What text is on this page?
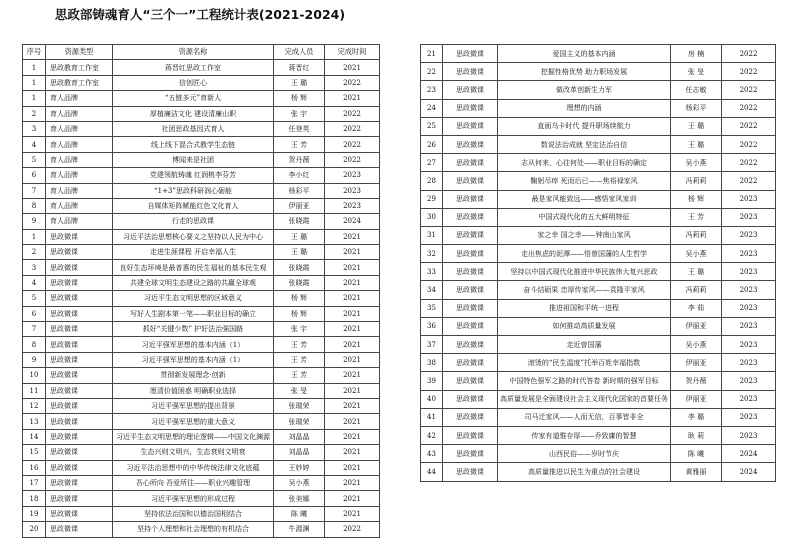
思政部铸魂育人“三个一”工程统计表(2021-2024)
序号	资源类型	资源名称	完成人员	完成时间
1	思政教育工作室	蒋晋红思政工作室	蒋晋红	2021
1	思政教育工作室	信创匠心	王 璐	2022
1	育人品牌	“五链多元”育新人	杨 辉	2021
2	育人品牌	厚植廉洁文化 建设清廉山职	张 宇	2022
3	育人品牌	社团思政基因式育人	任登英	2022
4	育人品牌	线上线下混合式教学生态链	王 芳	2022
5	育人品牌	博闻来是社团	贺丹薇	2022
6	育人品牌	党建领航铸魂 红润桃李芬芳	李小红	2023
7	育人品牌	“1+3”思政科研润心砺能	杨彩平	2023
8	育人品牌	自媒体矩阵赋能红色文化育人	伊丽亚	2023
9	育人品牌	行走的思政课	张晓霞	2024
1	思政微课	习近平法治思想核心要义之坚持以人民为中心	王 璐	2021
2	思政微课	走进生涯课程 开启幸福人生	王 璐	2021
3	思政微课	良好生态环境是最普惠的民生福祉的基本民生观	张晓霞	2021
4	思政微课	共建全球文明生态建设之路的共赢全球观	张晓霞	2021
5	思政微课	习近平生态文明思想的区域意义	杨 辉	2021
6	思政微课	写好人生剧本第一笔——职业目标的确立	杨 辉	2021
7	思政微课	抓好“关键少数” 护好法治强国路	张 宇	2021
8	思政微课	习近平强军思想的基本内涵（1）	王 芳	2021
9	思政微课	习近平强军思想的基本内涵（1）	王 芳	2021
10	思政微课	贯彻新发展理念·创新	王 芳	2021
11	思政微课	厘清价值困惑 明确职业选择	张 旻	2021
12	思政微课	习近平强军思想的提出背景	张瑞荣	2021
13	思政微课	习近平强军思想的重大意义	张瑞荣	2021
14	思政微课	习近平生态文明思想的理论逻辑——中国文化渊源	刘晶晶	2021
15	思政微课	生态兴则文明兴，生态衰则文明衰	刘晶晶	2021
16	思政微课	习近平法治思想中的中华传统法律文化底蕴	王妙婷	2021
17	思政微课	吾心所向 吾爱所往——职业兴趣管理	吴小燕	2021
18	思政微课	习近平强军思想的形成过程	张美娜	2021
19	思政微课	坚持依法治国和以德治国相结合	陈 曦	2021
20	思政微课	坚持个人理想和社会理想的有机结合	牛源渊	2022
21	思政微课	爱国主义的基本内涵	房 楠	2022
22	思政微课	挖掘性格优势 助力职场发展	张 旻	2022
23	思政微课	做改革创新生力军	任志敏	2022
24	思政微课	理想的内涵	杨彩平	2022
25	思政微课	直面乌卡时代 提升职场续航力	王 璐	2022
26	思政微课	数说法治成就 坚定法治自信	王 璐	2022
27	思政微课	志从何来，心往何处——职业目标的确定	吴小燕	2022
28	思政微课	鞠躬尽瘁 死而后已——焦裕禄家风	冯莉莉	2022
29	思政微课	最是家风能致远——感悟家风家训	杨 辉	2023
30	思政微课	中国式现代化的五大鲜明特征	王 芳	2023
31	思政微课	家之幸 国之幸——钟南山家风	冯莉莉	2023
32	思政微课	走出焦虑的泥潭——悟曾国藩的人生哲学	吴小燕	2023
33	思政微课	坚持以中国式现代化推进中华民族伟大复兴思政	王 璐	2023
34	思政微课	奋斗结硕果 忠厚传家风——袁隆平家风	冯莉莉	2023
35	思政微课	推进祖国和平统一进程	李 茹	2023
36	思政微课	如何推动高质量发展	伊丽亚	2023
37	思政微课	走近曾国藩	吴小燕	2023
38	思政微课	滚烫的“民生温度”托举百姓幸福指数	伊丽亚	2023
39	思政微课	中国特色强军之路的时代答卷 新时期的强军目标	贺丹薇	2023
40	思政微课	高质量发展是全面建设社会主义现代化国家的首要任务	伊丽亚	2023
41	思政微课	司马迁家风——人而无信，百事皆非全	李 璐	2023
42	思政微课	传家有道惟存厚——乔致庸的智慧	耿 莉	2023
43	思政微课	山西民俗——岁时节庆	陈 曦	2024
44	思政微课	高质量推进以民生为重点的社会建设	黄雅丽	2024
